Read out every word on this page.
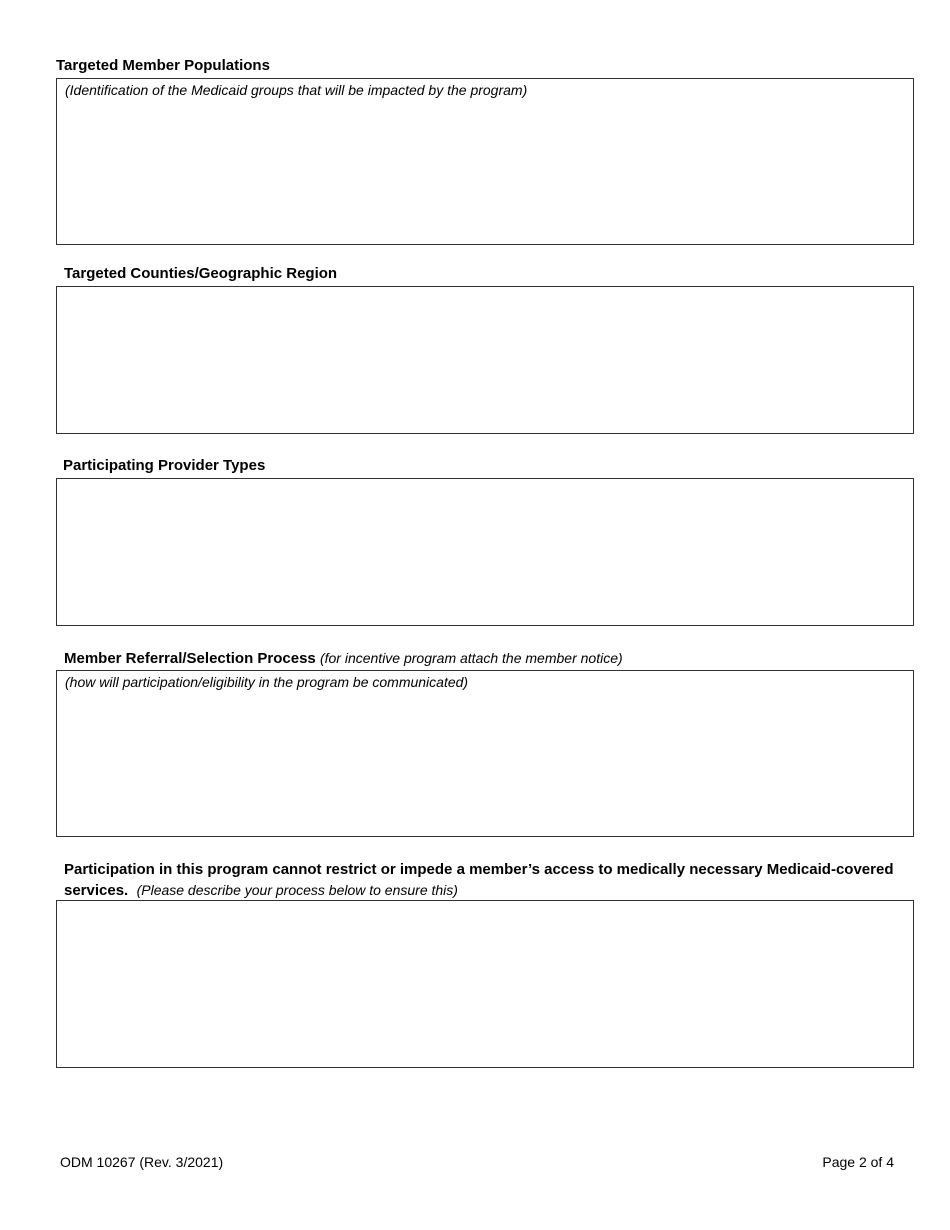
Targeted Member Populations
(Identification of the Medicaid groups that will be impacted by the program)
Targeted Counties/Geographic Region
Participating Provider Types
Member Referral/Selection Process (for incentive program attach the member notice)
(how will participation/eligibility in the program be communicated)
Participation in this program cannot restrict or impede a member’s access to medically necessary Medicaid-covered services. (Please describe your process below to ensure this)
ODM 10267 (Rev. 3/2021)	Page 2 of 4
